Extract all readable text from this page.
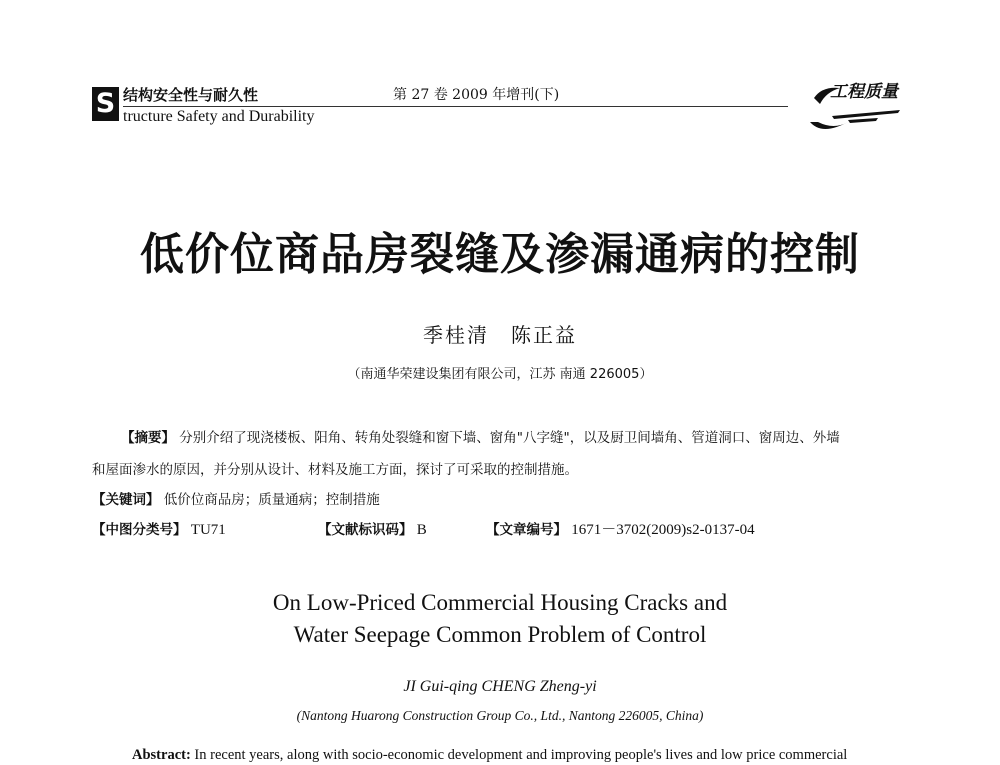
S 结构安全性与耐久性
tructure Safety and Durability
第 27 卷 2009 年增刊(下)	工程质量
低价位商品房裂缝及渗漏通病的控制
季桂清　陈正益
（南通华荣建设集团有限公司，江苏 南通 226005）
【摘要】 分别介绍了现浇楼板、阳角、转角处裂缝和窗下墙、窗角"八字缝"，以及厨卫间墙角、管道洞口、窗周边、外墙
和屋面渗水的原因，并分别从设计、材料及施工方面，探讨了可采取的控制措施。
【关键词】 低价位商品房；质量通病；控制措施
【中图分类号】 TU71	【文献标识码】 B	【文章编号】 1671－3702(2009)s2-0137-04
On Low-Priced Commercial Housing Cracks and
Water Seepage Common Problem of Control
JI Gui-qing CHENG Zheng-yi
(Nantong Huarong Construction Group Co., Ltd., Nantong 226005, China)
Abstract: In recent years, along with socio-economic development and improving people's lives and low price commercial
